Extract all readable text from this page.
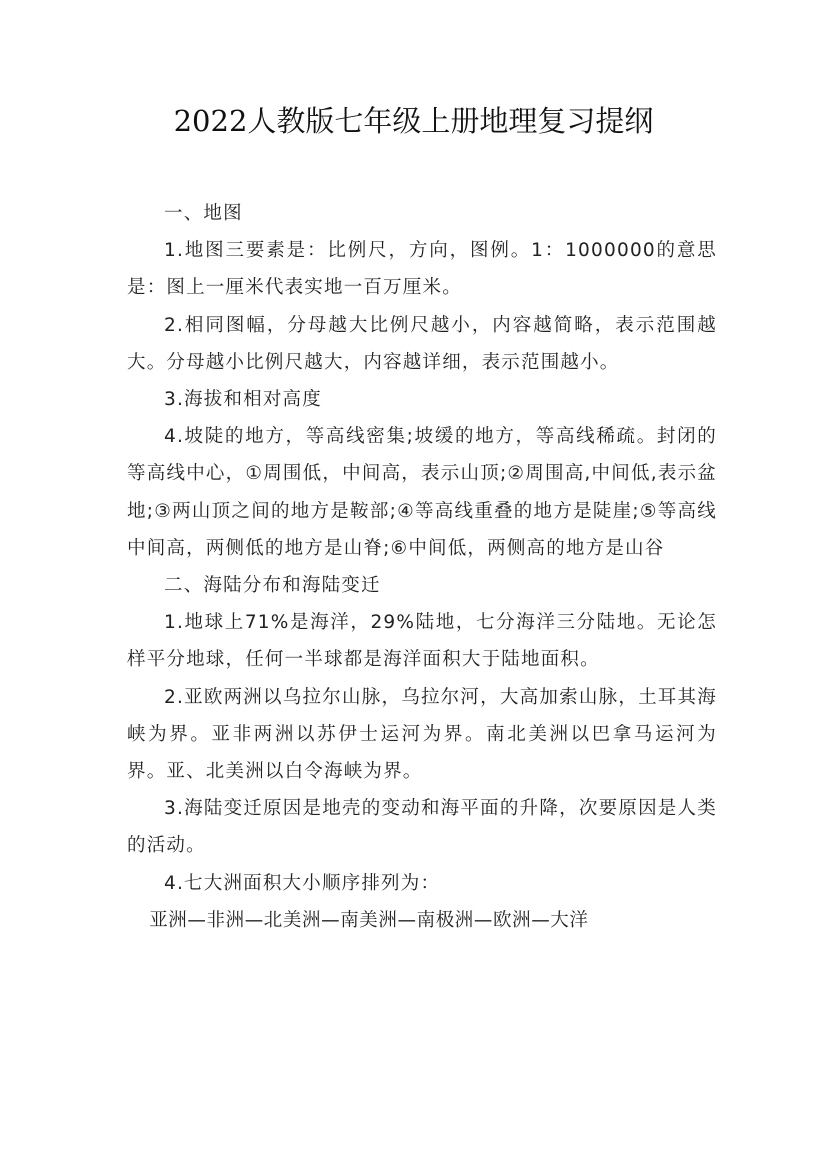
2022人教版七年级上册地理复习提纲

一、地图

1.地图三要素是：比例尺，方向，图例。1：1000000的意思是：图上一厘米代表实地一百万厘米。

2.相同图幅，分母越大比例尺越小，内容越简略，表示范围越大。分母越小比例尺越大，内容越详细，表示范围越小。

3.海拔和相对高度

4.坡陡的地方，等高线密集;坡缓的地方，等高线稀疏。封闭的等高线中心，①周围低，中间高，表示山顶;②周围高,中间低,表示盆地;③两山顶之间的地方是鞍部;④等高线重叠的地方是陡崖;⑤等高线中间高，两侧低的地方是山脊;⑥中间低，两侧高的地方是山谷

二、海陆分布和海陆变迁

1.地球上71%是海洋，29%陆地，七分海洋三分陆地。无论怎样平分地球，任何一半球都是海洋面积大于陆地面积。

2.亚欧两洲以乌拉尔山脉，乌拉尔河，大高加索山脉，土耳其海峡为界。亚非两洲以苏伊士运河为界。南北美洲以巴拿马运河为界。亚、北美洲以白令海峡为界。

3.海陆变迁原因是地壳的变动和海平面的升降，次要原因是人类的活动。

4.七大洲面积大小顺序排列为：

亚洲—非洲—北美洲—南美洲—南极洲—欧洲—大洋
